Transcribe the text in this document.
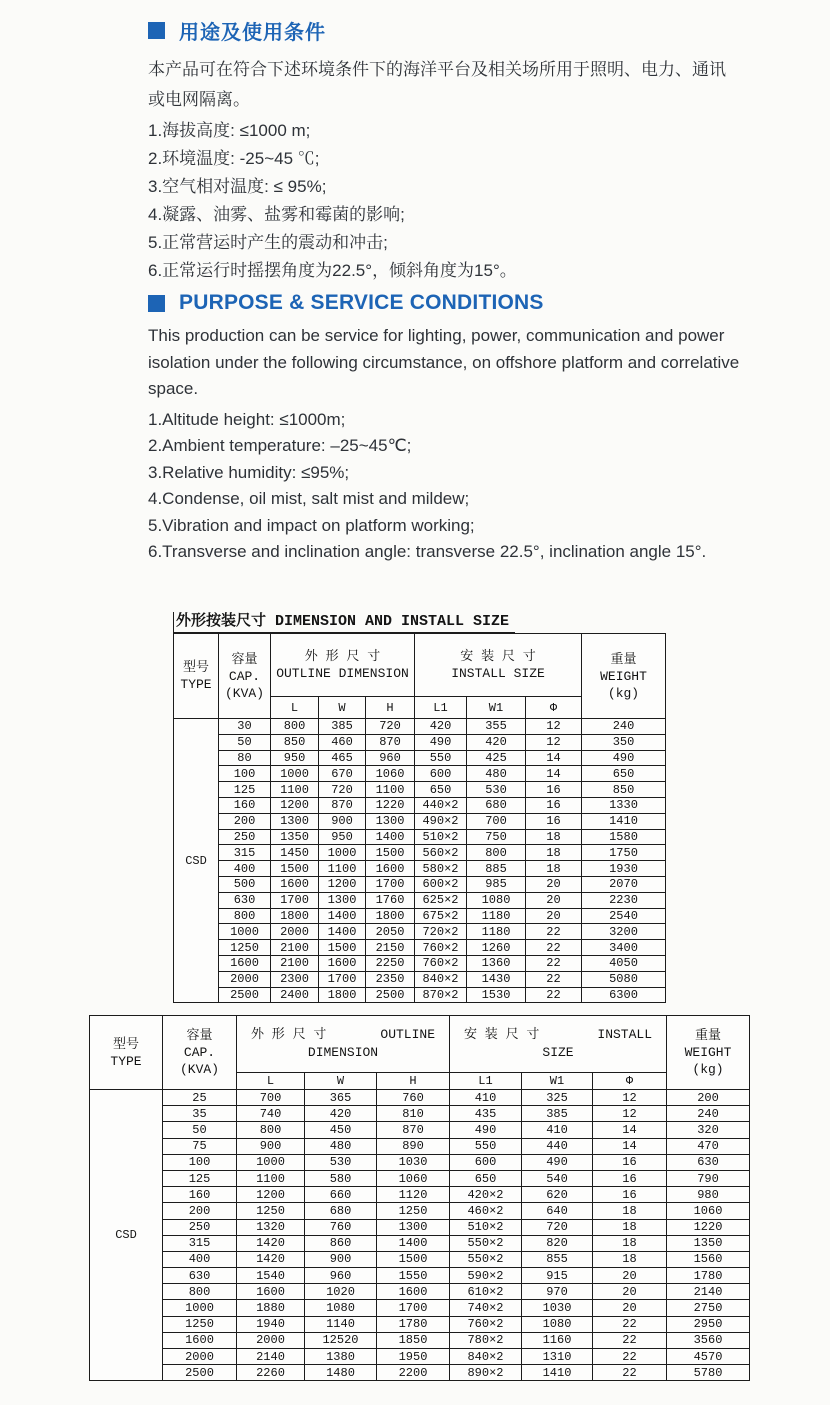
用途及使用条件

本产品可在符合下述环境条件下的海洋平台及相关场所用于照明、电力、通讯或电网隔离。

1.海拔高度: ≤1000 m;
2.环境温度: -25~45 ℃;
3.空气相对温度: ≤ 95%;
4.凝露、油雾、盐雾和霉菌的影响;
5.正常营运时产生的震动和冲击;
6.正常运行时摇摆角度为22.5°，倾斜角度为15°。
PURPOSE & SERVICE CONDITIONS

This production can be service for lighting, power, communication and power isolation under the following circumstance, on offshore platform and correlative space.

1.Altitude height: ≤1000m;
2.Ambient temperature: –25~45℃;
3.Relative humidity: ≤95%;
4.Condense, oil mist, salt mist and mildew;
5.Vibration and impact on platform working;
6.Transverse and inclination angle: transverse 22.5°, inclination angle 15°.
外形按装尺寸 DIMENSION AND INSTALL SIZE
型号
TYPE

容量
CAP.
(KVA)

外 形 尺 寸
OUTLINE DIMENSION

安 装 尺 寸
INSTALL SIZE

重量
WEIGHT
(kg)

		L	W	H	L1	W1	Φ	
CSD	30	800	385	720	420	355	12	240
	50	850	460	870	490	420	12	350
	80	950	465	960	550	425	14	490
	100	1000	670	1060	600	480	14	650
	125	1100	720	1100	650	530	16	850
	160	1200	870	1220	440×2	680	16	1330
	200	1300	900	1300	490×2	700	16	1410
	250	1350	950	1400	510×2	750	18	1580
	315	1450	1000	1500	560×2	800	18	1750
	400	1500	1100	1600	580×2	885	18	1930
	500	1600	1200	1700	600×2	985	20	2070
	630	1700	1300	1760	625×2	1080	20	2230
	800	1800	1400	1800	675×2	1180	20	2540
	1000	2000	1400	2050	720×2	1180	22	3200
	1250	2100	1500	2150	760×2	1260	22	3400
	1600	2100	1600	2250	760×2	1360	22	4050
	2000	2300	1700	2350	840×2	1430	22	5080
	2500	2400	1800	2500	870×2	1530	22	6300
型号
TYPE

容量
CAP.
(KVA)

外 形 尺 寸	OUTLINE
DIMENSION

安 装 尺 寸	INSTALL
SIZE

重量
WEIGHT
(kg)

		L	W	H	L1	W1	Φ	
CSD	25	700	365	760	410	325	12	200
	35	740	420	810	435	385	12	240
	50	800	450	870	490	410	14	320
	75	900	480	890	550	440	14	470
	100	1000	530	1030	600	490	16	630
	125	1100	580	1060	650	540	16	790
	160	1200	660	1120	420×2	620	16	980
	200	1250	680	1250	460×2	640	18	1060
	250	1320	760	1300	510×2	720	18	1220
	315	1420	860	1400	550×2	820	18	1350
	400	1420	900	1500	550×2	855	18	1560
	630	1540	960	1550	590×2	915	20	1780
	800	1600	1020	1600	610×2	970	20	2140
	1000	1880	1080	1700	740×2	1030	20	2750
	1250	1940	1140	1780	760×2	1080	22	2950
	1600	2000	12520	1850	780×2	1160	22	3560
	2000	2140	1380	1950	840×2	1310	22	4570
	2500	2260	1480	2200	890×2	1410	22	5780
